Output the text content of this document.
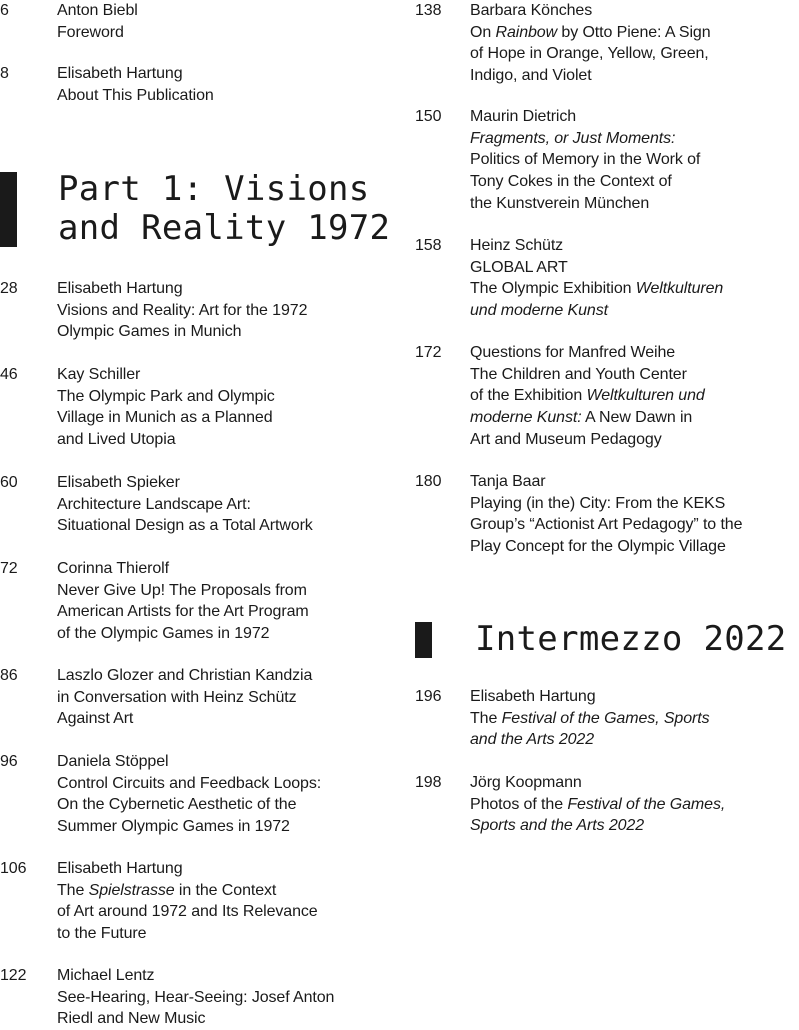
Part 1: Visions
and Reality 1972
Intermezzo 2022
6	Anton Biebl
Foreword
8	Elisabeth Hartung
About This Publication
28 Elisabeth Hartung
Visions and Reality: Art for the 1972
Olympic Games in Munich
46 Kay Schiller
The Olympic Park and Olympic
Village in Munich as a Planned
and Lived Utopia
60 Elisabeth Spieker
Architecture Landscape Art:
Situational Design as a Total Artwork
72 Corinna Thierolf
Never Give Up! The Proposals from
American Artists for the Art Program
of the Olympic Games in 1972
86 Laszlo Glozer and Christian Kandzia
in Conversation with Heinz Schütz
Against Art
96 Daniela Stöppel
Control Circuits and Feedback Loops:
On the Cybernetic Aesthetic of the
Summer Olympic Games in 1972
106 Elisabeth Hartung
The Spielstrasse in the Context
of Art around 1972 and Its Relevance
to the Future
122 Michael Lentz
See-Hearing, Hear-Seeing: Josef Anton
Riedl and New Music
138 Barbara Könches
On Rainbow by Otto Piene: A Sign
of Hope in Orange, Yellow, Green,
Indigo, and Violet
150 Maurin Dietrich
Fragments, or Just Moments:
Politics of Memory in the Work of
Tony Cokes in the Context of
the Kunstverein München
158 Heinz Schütz
GLOBAL ART
The Olympic Exhibition Weltkulturen
und moderne Kunst
172 Questions for Manfred Weihe
The Children and Youth Center
of the Exhibition Weltkulturen und
moderne Kunst: A New Dawn in
Art and Museum Pedagogy
180 Tanja Baar
Playing (in the) City: From the KEKS
Group’s “Actionist Art Pedagogy” to the
Play Concept for the Olympic Village
196 Elisabeth Hartung
The Festival of the Games, Sports
and the Arts 2022
198 Jörg Koopmann
Photos of the Festival of the Games,
Sports and the Arts 2022
